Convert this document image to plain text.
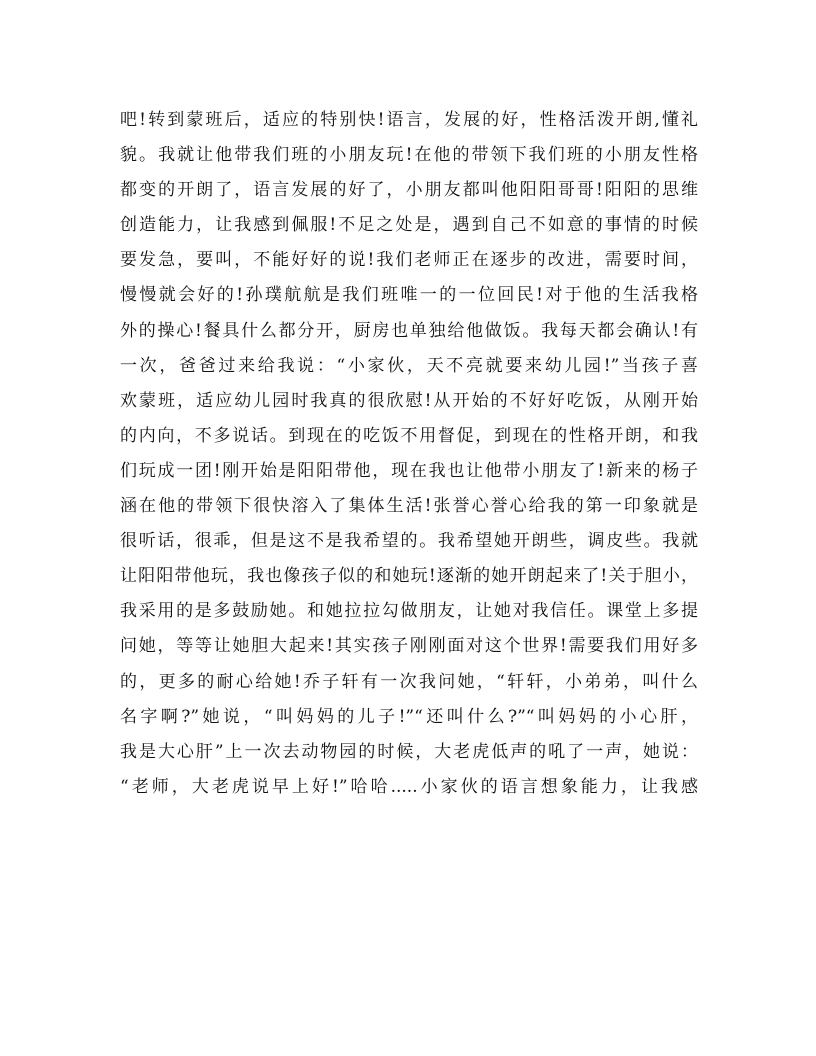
吧!转到蒙班后，适应的特别快!语言，发展的好，性格活泼开朗,懂礼
貌。我就让他带我们班的小朋友玩!在他的带领下我们班的小朋友性格
都变的开朗了，语言发展的好了，小朋友都叫他阳阳哥哥!阳阳的思维
创造能力，让我感到佩服!不足之处是，遇到自己不如意的事情的时候
要发急，要叫，不能好好的说!我们老师正在逐步的改进，需要时间，
慢慢就会好的!孙璞航航是我们班唯一的一位回民!对于他的生活我格
外的操心!餐具什么都分开，厨房也单独给他做饭。我每天都会确认!有
一次，爸爸过来给我说：“小家伙，天不亮就要来幼儿园!”当孩子喜
欢蒙班，适应幼儿园时我真的很欣慰!从开始的不好好吃饭，从刚开始
的内向，不多说话。到现在的吃饭不用督促，到现在的性格开朗，和我
们玩成一团!刚开始是阳阳带他，现在我也让他带小朋友了!新来的杨子
涵在他的带领下很快溶入了集体生活!张誉心誉心给我的第一印象就是
很听话，很乖，但是这不是我希望的。我希望她开朗些，调皮些。我就
让阳阳带他玩，我也像孩子似的和她玩!逐渐的她开朗起来了!关于胆小，
我采用的是多鼓励她。和她拉拉勾做朋友，让她对我信任。课堂上多提
问她，等等让她胆大起来!其实孩子刚刚面对这个世界!需要我们用好多
的，更多的耐心给她!乔子轩有一次我问她，“轩轩，小弟弟，叫什么
名字啊?”她说，“叫妈妈的儿子!”“还叫什么?”“叫妈妈的小心肝，
我是大心肝”上一次去动物园的时候，大老虎低声的吼了一声，她说：
“老师，大老虎说早上好!”哈哈.....小家伙的语言想象能力，让我感
